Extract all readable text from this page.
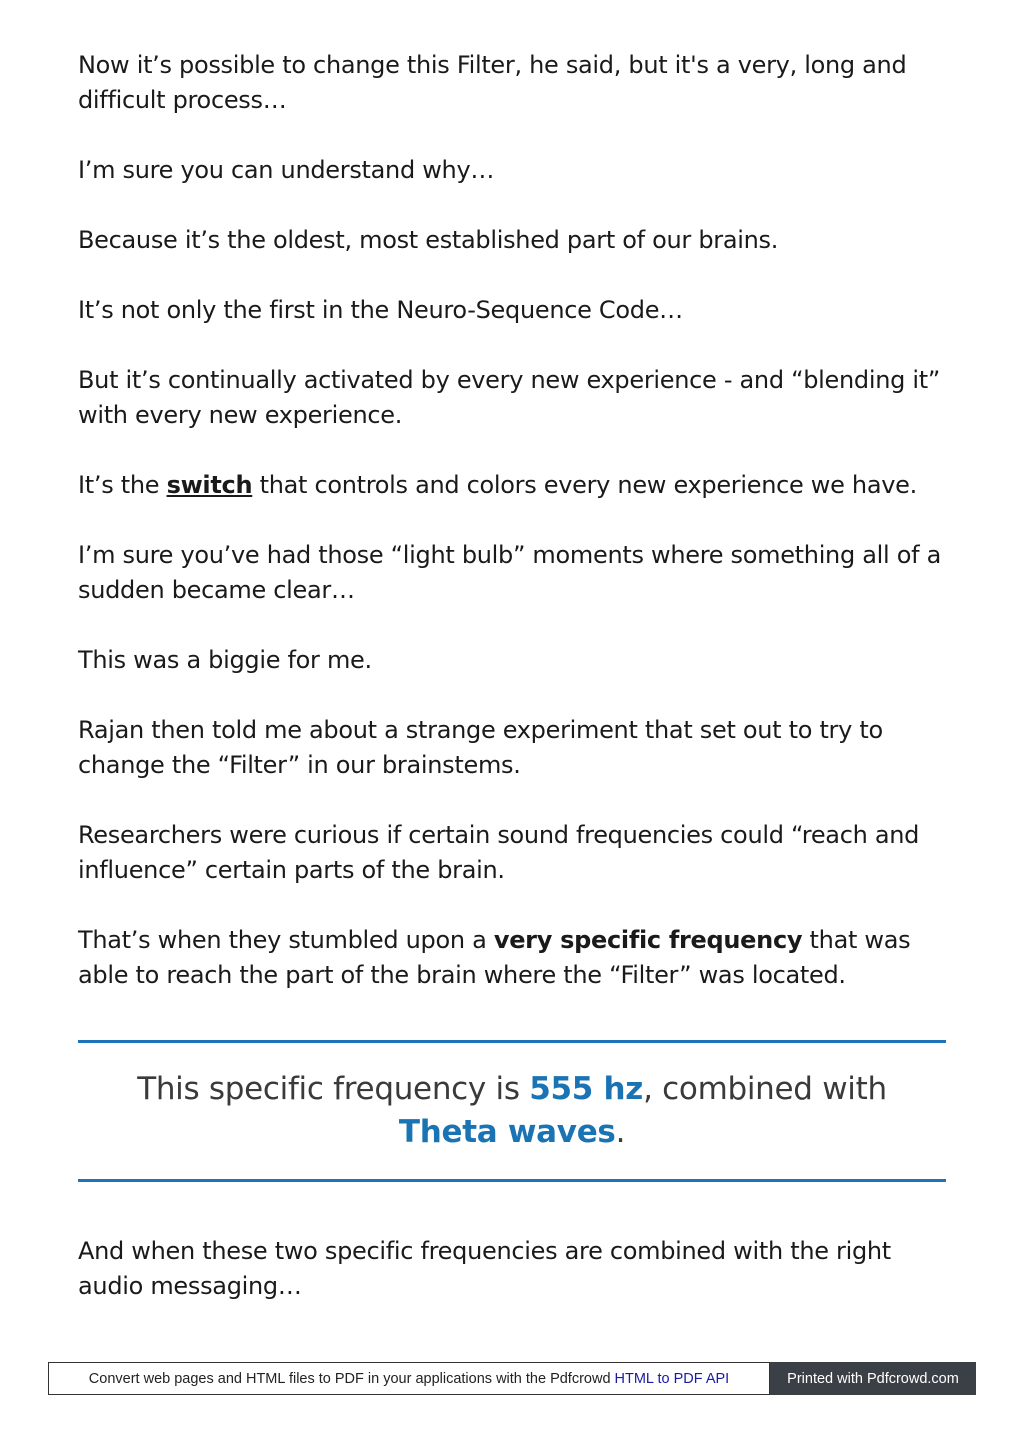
Now it’s possible to change this Filter, he said, but it's a very, long and difficult process…

I’m sure you can understand why…

Because it’s the oldest, most established part of our brains.

It’s not only the first in the Neuro-Sequence Code…

But it’s continually activated by every new experience - and “blending it” with every new experience.

It’s the switch that controls and colors every new experience we have.

I’m sure you’ve had those “light bulb” moments where something all of a sudden became clear…

This was a biggie for me.

Rajan then told me about a strange experiment that set out to try to change the “Filter” in our brainstems.

Researchers were curious if certain sound frequencies could “reach and influence” certain parts of the brain.

That’s when they stumbled upon a very specific frequency that was able to reach the part of the brain where the “Filter” was located.

This specific frequency is 555 hz, combined with Theta waves.

And when these two specific frequencies are combined with the right audio messaging…

Convert web pages and HTML files to PDF in your applications with the Pdfcrowd HTML to PDF API	Printed with Pdfcrowd.com
